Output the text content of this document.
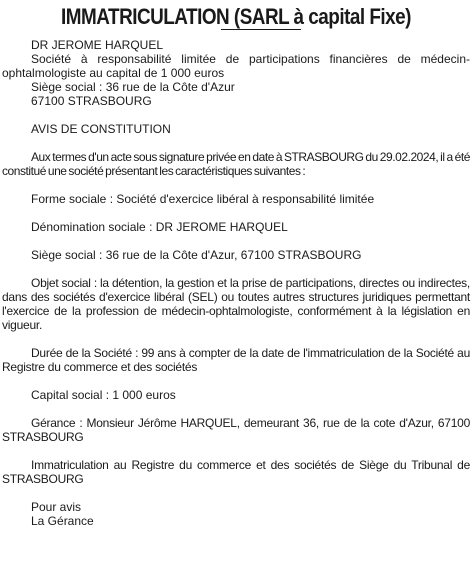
IMMATRICULATION (SARL à capital Fixe)

DR JEROME HARQUEL

Société à responsabilité limitée de participations financières de médecin-ophtalmologiste au capital de 1 000 euros

Siège social : 36 rue de la Côte d'Azur

67100 STRASBOURG

AVIS DE CONSTITUTION

Aux termes d'un acte sous signature privée en date à STRASBOURG du 29.02.2024, il a été constitué une société présentant les caractéristiques suivantes :

Forme sociale : Société d'exercice libéral à responsabilité limitée

Dénomination sociale : DR JEROME HARQUEL

Siège social : 36 rue de la Côte d'Azur, 67100 STRASBOURG

Objet social : la détention, la gestion et la prise de participations, directes ou indirectes, dans des sociétés d'exercice libéral (SEL) ou toutes autres structures juridiques permettant l'exercice de la profession de médecin-ophtalmologiste, conformément à la législation en vigueur.

Durée de la Société : 99 ans à compter de la date de l'immatriculation de la Société au Registre du commerce et des sociétés

Capital social : 1 000 euros

Gérance : Monsieur Jérôme HARQUEL, demeurant 36, rue de la cote d'Azur, 67100 STRASBOURG

Immatriculation au Registre du commerce et des sociétés de Siège du Tribunal de STRASBOURG

Pour avis

La Gérance
